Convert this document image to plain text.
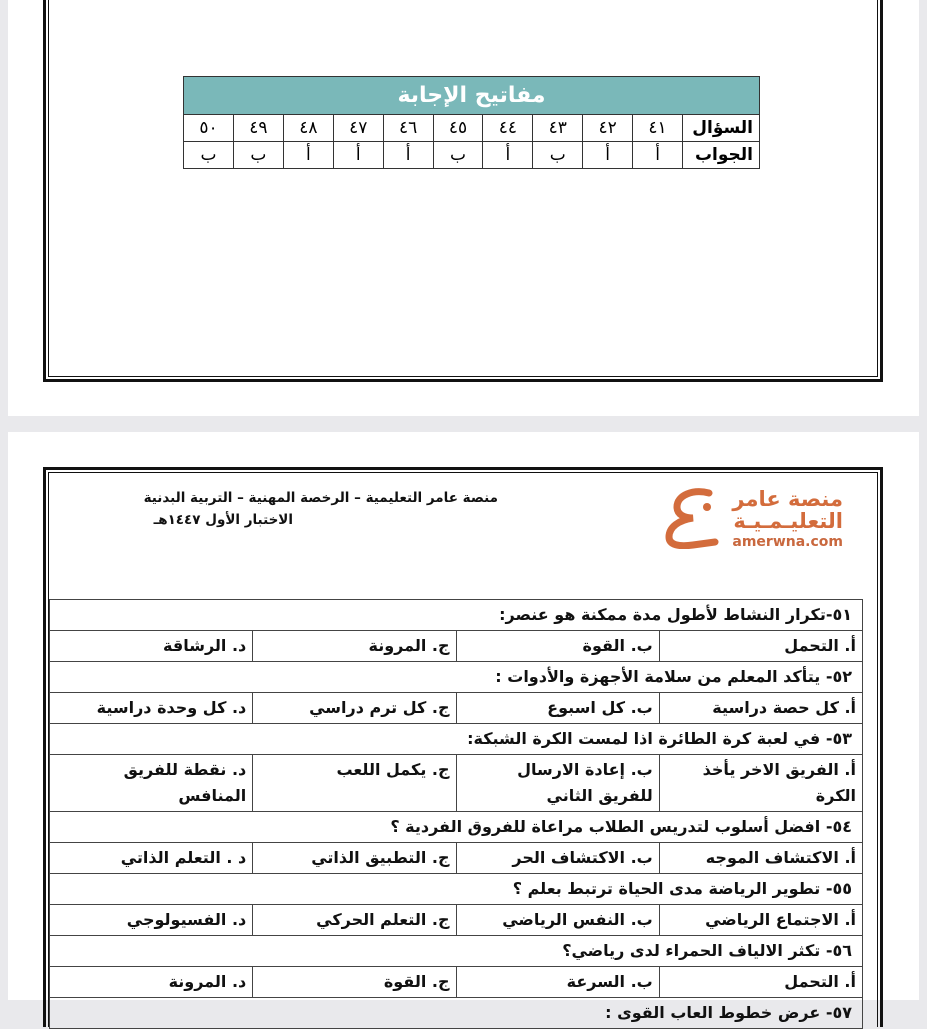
مفاتيح الإجابة										
السؤال	٤١	٤٢	٤٣	٤٤	٤٥	٤٦	٤٧	٤٨	٤٩	٥٠
الجواب	أ	أ	ب	أ	ب	أ	أ	أ	ب	ب
منصة عامر التعليمية – الرخصة المهنية – التربية البدنية
الاختبار الأول ١٤٤٧هـ
منصة عامر
التعليـمـيـة
amerwna.com
٥١-تكرار النشاط لأطول مدة ممكنة هو عنصر:			
أ. التحمل	ب. القوة	ج. المرونة	د. الرشاقة
٥٢- يتأكد المعلم من سلامة الأجهزة والأدوات :			
أ. كل حصة دراسية	ب. كل اسبوع	ج. كل ترم دراسي	د. كل وحدة دراسية
٥٣- في لعبة كرة الطائرة اذا لمست الكرة الشبكة:			
أ. الفريق الاخر يأخذ الكرة	ب. إعادة الارسال للفريق الثاني	ج. يكمل اللعب	د. نقطة للفريق المنافس
٥٤- افضل أسلوب لتدريس الطلاب مراعاة للفروق الفردية ؟			
أ. الاكتشاف الموجه	ب. الاكتشاف الحر	ج. التطبيق الذاتي	د . التعلم الذاتي
٥٥- تطوير الرياضة مدى الحياة ترتبط بعلم ؟			
أ. الاجتماع الرياضي	ب. النفس الرياضي	ج. التعلم الحركي	د. الفسيولوجي
٥٦- تكثر الالياف الحمراء لدى رياضي؟			
أ. التحمل	ب. السرعة	ج. القوة	د. المرونة
٥٧- عرض خطوط العاب القوى :			
